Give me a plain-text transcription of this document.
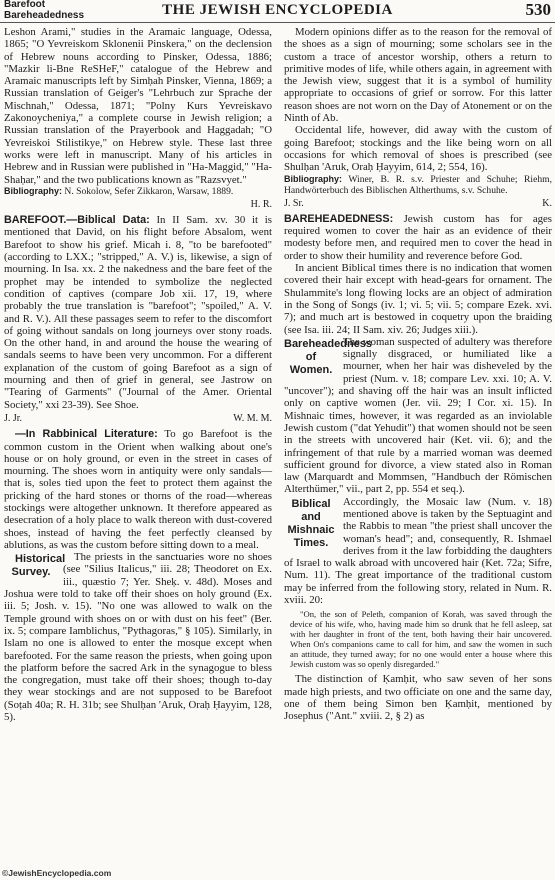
Barefoot
Bareheadedness	THE JEWISH ENCYCLOPEDIA	530

Leshon Arami," studies in the Aramaic language, Odessa, 1865; "O Yevreiskom Sklonenii Pinskera," on the declension of Hebrew nouns according to Pinsker, Odessa, 1886; "Mazkir li-Bne ReSHeF," catalogue of the Hebrew and Aramaic manuscripts left by Simḥah Pinsker, Vienna, 1869; a Russian translation of Geiger's "Lehrbuch zur Sprache der Mischnah," Odessa, 1871; "Polny Kurs Yevreiskavo Zakonoycheniya," a complete course in Jewish religion; a Russian translation of the Prayerbook and Haggadah; "O Yevreiskoi Stilistikye," on Hebrew style. These last three works were left in manuscript. Many of his articles in Hebrew and in Russian were published in "Ha-Maggid," "Ha-Shaḥar," and the two publications known as "Razsvyet."

Bibliography: N. Sokolow, Sefer Zikkaron, Warsaw, 1889.

H. R.

BAREFOOT.—Biblical Data: In II Sam. xv. 30 it is mentioned that David, on his flight before Absalom, went Barefoot to show his grief. Micah i. 8, "to be barefooted" (according to LXX.; "stripped," A. V.) is, likewise, a sign of mourning. In Isa. xx. 2 the nakedness and the bare feet of the prophet may be intended to symbolize the neglected condition of captives (compare Job xii. 17, 19, where probably the true translation is "barefoot"; "spoiled," A. V. and R. V.). All these passages seem to refer to the discomfort of going without sandals on long journeys over stony roads. On the other hand, in and around the house the wearing of sandals seems to have been very uncommon. For a different explanation of the custom of going Barefoot as a sign of mourning and then of grief in general, see Jastrow on "Tearing of Garments" ("Journal of the Amer. Oriental Society," xxi 23-39). See Shoe.

J. Jr.	W. M. M.

—In Rabbinical Literature: To go Barefoot is the common custom in the Orient when walking about one's house or on holy ground, or even in the street in cases of mourning. The shoes worn in antiquity were only sandals—that is, soles tied upon the feet to protect them against the pricking of the hard stones or thorns of the road—whereas stockings were altogether unknown. It therefore appeared as desecration of a holy place to walk thereon with dust-covered shoes, instead of having the feet perfectly cleansed by ablutions, as was the custom before sitting down to a meal.

Historical Survey.
The priests in the sanctuaries wore no shoes (see "Silius Italicus," iii. 28; Theodoret on Ex. iii., quæstio 7; Yer. Sheḳ. v. 48d). Moses and Joshua were told to take off their shoes on holy ground (Ex. iii. 5; Josh. v. 15). "No one was allowed to walk on the Temple ground with shoes on or with dust on his feet" (Ber. ix. 5; compare Iamblichus, "Pythagoras," § 105). Similarly, in Islam no one is allowed to enter the mosque except when barefooted. For the same reason the priests, when going upon the platform before the sacred Ark in the synagogue to bless the congregation, must take off their shoes; though to-day they wear stockings and are not supposed to be Barefoot (Soṭah 40a; R. H. 31b; see Shulḥan 'Aruk, Oraḥ Ḥayyim, 128, 5).

Modern opinions differ as to the reason for the removal of the shoes as a sign of mourning; some scholars see in the custom a trace of ancestor worship, others a return to primitive modes of life, while others again, in agreement with the Jewish view, suggest that it is a symbol of humility appropriate to occasions of grief or sorrow. For this latter reason shoes are not worn on the Day of Atonement or on the Ninth of Ab.

Occidental life, however, did away with the custom of going Barefoot; stockings and the like being worn on all occasions for which removal of shoes is prescribed (see Shulḥan 'Aruk, Oraḥ Ḥayyim, 614, 2; 554, 16).

Bibliography: Winer, B. R. s.v. Priester and Schuhe; Riehm, Handwörterbuch des Biblischen Altherthums, s.v. Schuhe.

J. Sr.	K.

BAREHEADEDNESS: Jewish custom has for ages required women to cover the hair as an evidence of their modesty before men, and required men to cover the head in order to show their humility and reverence before God.

In ancient Biblical times there is no indication that women covered their hair except with head-gears for ornament. The Shulammite's long flowing locks are an object of admiration in the Song of Songs (iv. 1; vi. 5; vii. 5; compare Ezek. xvi. 7); and much art is bestowed in coquetry upon the braiding (see Isa. iii. 24; II Sam. xiv. 26; Judges xiii.).

Bareheadedness of Women.
The woman suspected of adultery was therefore signally disgraced, or humiliated like a mourner, when her hair was disheveled by the priest (Num. v. 18; compare Lev. xxi. 10; A. V. "uncover"); and shaving off the hair was an insult inflicted only on captive women (Jer. vii. 29; I Cor. xi. 15). In Mishnaic times, however, it was regarded as an inviolable Jewish custom ("dat Yehudit") that women should not be seen in the streets with uncovered hair (Ket. vii. 6); and the infringement of that rule by a married woman was deemed sufficient ground for divorce, a view stated also in Roman law (Marquardt and Mommsen, "Handbuch der Römischen Alterthümer," vii., part 2, pp. 554 et seq.).

Biblical and Mishnaic Times.
Accordingly, the Mosaic law (Num. v. 18) mentioned above is taken by the Septuagint and the Rabbis to mean "the priest shall uncover the woman's head"; and, consequently, R. Ishmael derives from it the law forbidding the daughters of Israel to walk abroad with uncovered hair (Ket. 72a; Sifre, Num. 11). The great importance of the traditional custom may be inferred from the following story, related in Num. R. xviii. 20:

"On, the son of Peleth, companion of Korah, was saved through the device of his wife, who, having made him so drunk that he fell asleep, sat with her daughter in front of the tent, both having their hair uncovered. When On's companions came to call for him, and saw the women in such an attitude, they turned away; for no one would enter a house where this Jewish custom was so openly disregarded."

The distinction of Ḳamḥit, who saw seven of her sons made high priests, and two officiate on one and the same day, one of them being Simon ben Ḳamḥit, mentioned by Josephus ("Ant." xviii. 2, § 2) as

©JewishEncyclopedia.com
